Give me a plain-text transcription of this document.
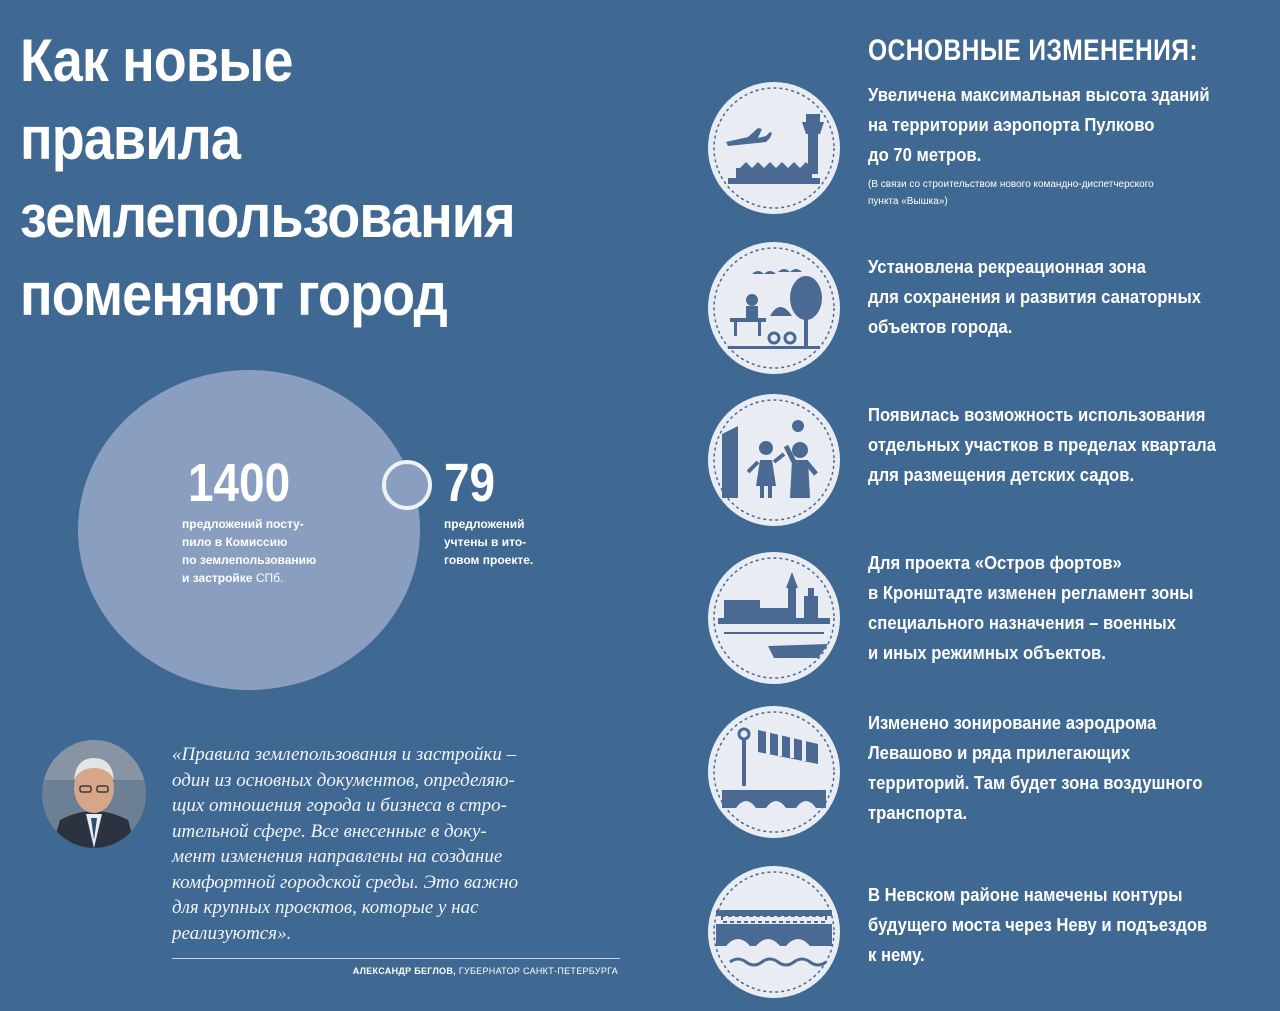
Как новые
правила
землепользования
поменяют город

1400

предложений посту-
пило в Комиссию
по землепользованию
и застройке СПб.

79

предложений
учтены в ито-
говом проекте.

«Правила землепользования и застройки –
один из основных документов, определяю-
щих отношения города и бизнеса в стро-
ительной сфере. Все внесенные в доку-
мент изменения направлены на создание
комфортной городской среды. Это важно
для крупных проектов, которые у нас
реализуются».

АЛЕКСАНДР БЕГЛОВ, ГУБЕРНАТОР САНКТ-ПЕТЕРБУРГА

ОСНОВНЫЕ ИЗМЕНЕНИЯ:

Увеличена максимальная высота зданий
на территории аэропорта Пулково
до 70 метров.

(В связи со строительством нового командно-диспетчерского
пункта «Вышка»)

Установлена рекреационная зона
для сохранения и развития санаторных
объектов города.

Появилась возможность использования
отдельных участков в пределах квартала
для размещения детских садов.

Для проекта «Остров фортов»
в Кронштадте изменен регламент зоны
специального назначения – военных
и иных режимных объектов.

Изменено зонирование аэродрома
Левашово и ряда прилегающих
территорий. Там будет зона воздушного
транспорта.

В Невском районе намечены контуры
будущего моста через Неву и подъездов
к нему.
